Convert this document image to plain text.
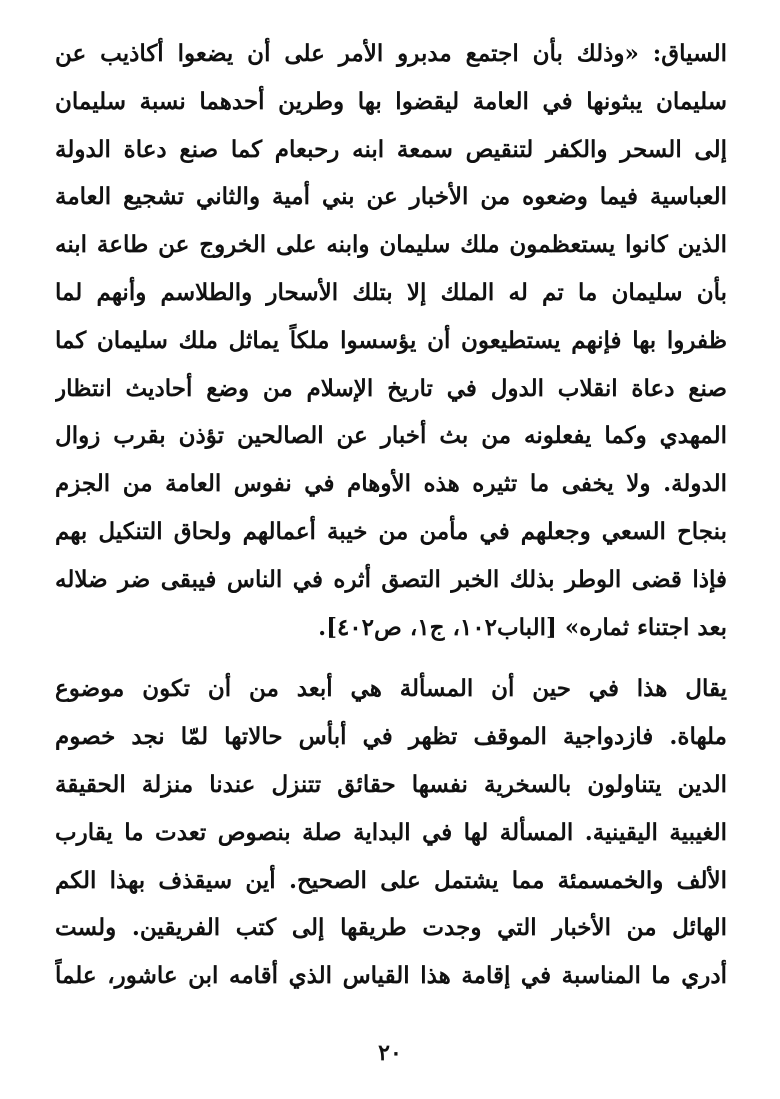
السياق: «وذلك بأن اجتمع مدبرو الأمر على أن يضعوا أكاذيب عن
سليمان يبثونها في العامة ليقضوا بها وطرين أحدهما نسبة سليمان
إلى السحر والكفر لتنقيص سمعة ابنه رحبعام كما صنع دعاة الدولة
العباسية فيما وضعوه من الأخبار عن بني أمية والثاني تشجيع العامة
الذين كانوا يستعظمون ملك سليمان وابنه على الخروج عن طاعة ابنه
بأن سليمان ما تم له الملك إلا بتلك الأسحار والطلاسم وأنهم لما
ظفروا بها فإنهم يستطيعون أن يؤسسوا ملكاً يماثل ملك سليمان كما
صنع دعاة انقلاب الدول في تاريخ الإسلام من وضع أحاديث انتظار
المهدي وكما يفعلونه من بث أخبار عن الصالحين تؤذن بقرب زوال
الدولة. ولا يخفى ما تثيره هذه الأوهام في نفوس العامة من الجزم
بنجاح السعي وجعلهم في مأمن من خيبة أعمالهم ولحاق التنكيل بهم
فإذا قضى الوطر بذلك الخبر التصق أثره في الناس فيبقى ضر ضلاله
بعد اجتناء ثماره» [الباب١٠٢، ج١، ص٤٠٢].
يقال هذا في حين أن المسألة هي أبعد من أن تكون موضوع
ملهاة. فازدواجية الموقف تظهر في أبأس حالاتها لمّا نجد خصوم
الدين يتناولون بالسخرية نفسها حقائق تتنزل عندنا منزلة الحقيقة
الغيبية اليقينية. المسألة لها في البداية صلة بنصوص تعدت ما يقارب
الألف والخمسمئة مما يشتمل على الصحيح. أين سيقذف بهذا الكم
الهائل من الأخبار التي وجدت طريقها إلى كتب الفريقين. ولست
أدري ما المناسبة في إقامة هذا القياس الذي أقامه ابن عاشور، علماً
٢٠
